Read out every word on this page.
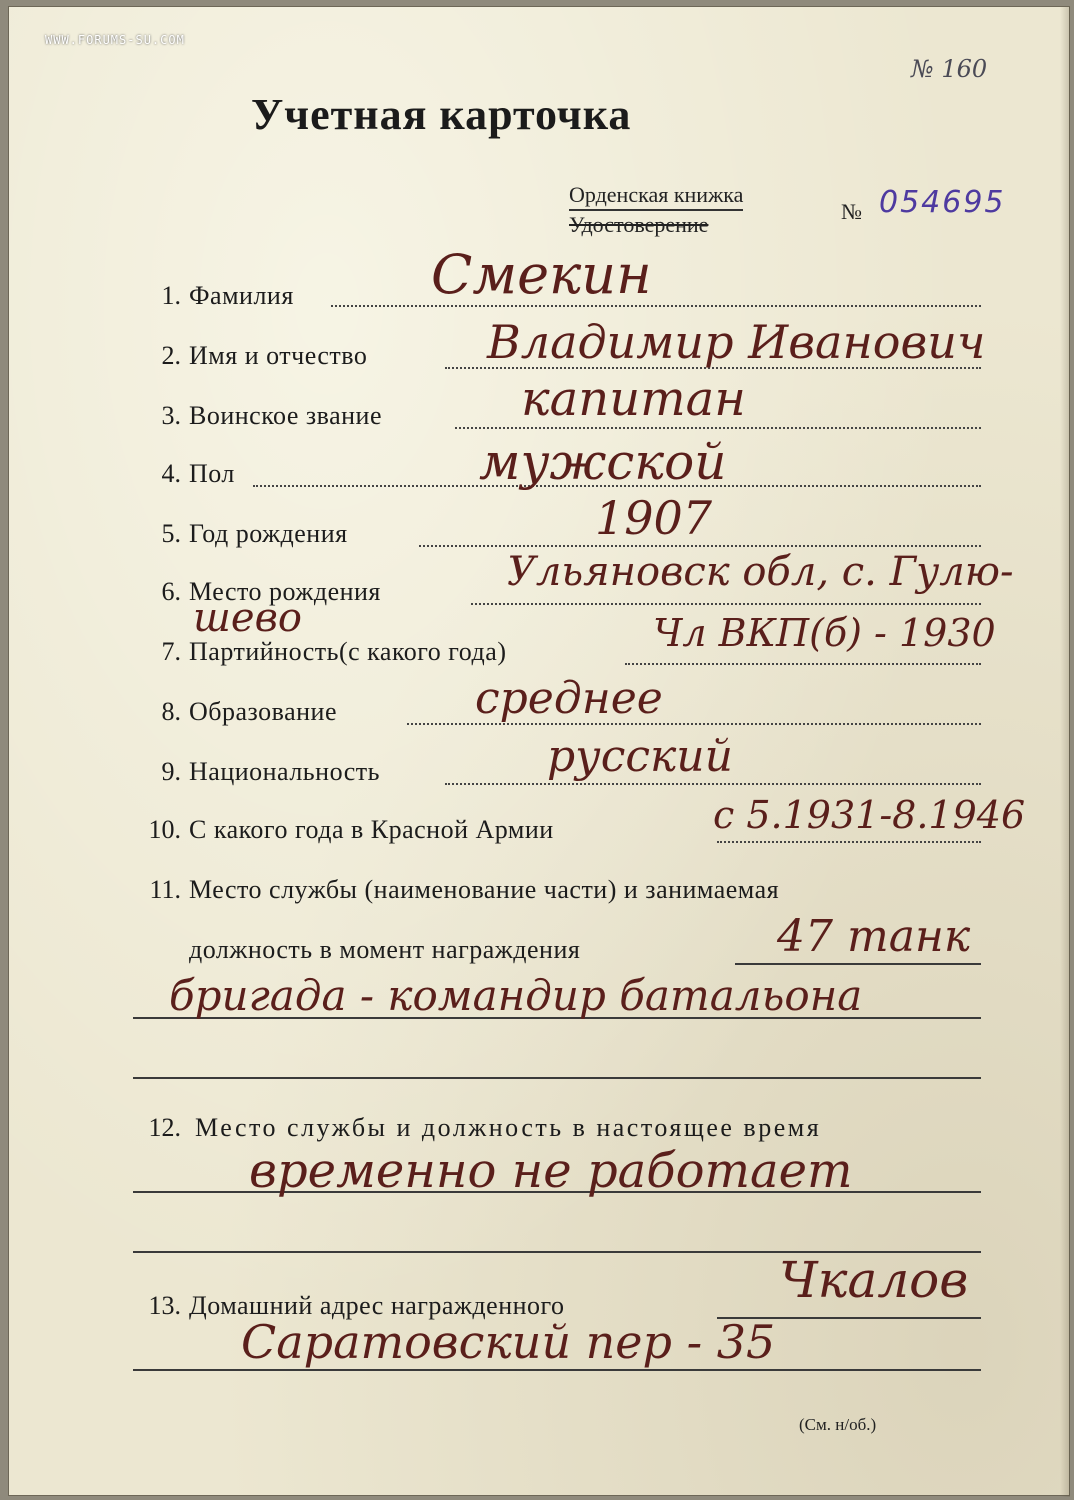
WWW.FORUMS-SU.COM
№ 160
Учетная карточка
Орденская книжка
Удостоверение
№ 054695
1. Фамилия	Смекин
2. Имя и отчество	Владимир Иванович
3. Воинское звание	капитан
4. Пол	мужской
5. Год рождения	1907
6. Место рождения	Ульяновск обл, с. Гулю-
шево
7. Партийность(с какого года)	Чл ВКП(б) - 1930
8. Образование	среднее
9. Национальность	русский
10. С какого года в Красной Армии	с 5.1931-8.1946
11. Место службы (наименование части) и занимаемая
должность в момент награждения	47 танк
бригада - командир батальона
12. Место службы и должность в настоящее время
временно не работает
13. Домашний адрес награжденного	Чкалов
Саратовский пер - 35
(См. н/об.)
